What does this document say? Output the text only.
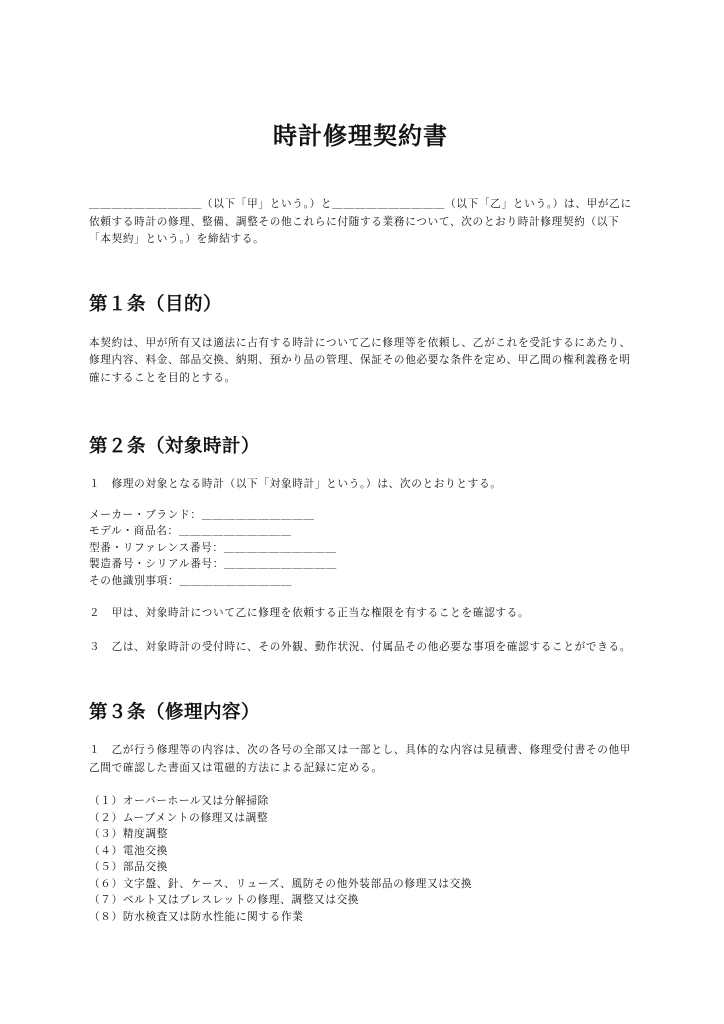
時計修理契約書

＿＿＿＿＿＿＿＿＿＿（以下「甲」という。）と＿＿＿＿＿＿＿＿＿＿（以下「乙」という。）は、甲が乙に依頼する時計の修理、整備、調整その他これらに付随する業務について、次のとおり時計修理契約（以下「本契約」という。）を締結する。

第１条（目的）

本契約は、甲が所有又は適法に占有する時計について乙に修理等を依頼し、乙がこれを受託するにあたり、修理内容、料金、部品交換、納期、預かり品の管理、保証その他必要な条件を定め、甲乙間の権利義務を明確にすることを目的とする。

第２条（対象時計）

１　修理の対象となる時計（以下「対象時計」という。）は、次のとおりとする。

メーカー・ブランド：＿＿＿＿＿＿＿＿＿＿
モデル・商品名：＿＿＿＿＿＿＿＿＿＿
型番・リファレンス番号：＿＿＿＿＿＿＿＿＿＿
製造番号・シリアル番号：＿＿＿＿＿＿＿＿＿＿
その他識別事項：＿＿＿＿＿＿＿＿＿＿

２　甲は、対象時計について乙に修理を依頼する正当な権限を有することを確認する。

３　乙は、対象時計の受付時に、その外観、動作状況、付属品その他必要な事項を確認することができる。

第３条（修理内容）

１　乙が行う修理等の内容は、次の各号の全部又は一部とし、具体的な内容は見積書、修理受付書その他甲乙間で確認した書面又は電磁的方法による記録に定める。

（１）オーバーホール又は分解掃除
（２）ムーブメントの修理又は調整
（３）精度調整
（４）電池交換
（５）部品交換
（６）文字盤、針、ケース、リューズ、風防その他外装部品の修理又は交換
（７）ベルト又はブレスレットの修理、調整又は交換
（８）防水検査又は防水性能に関する作業
